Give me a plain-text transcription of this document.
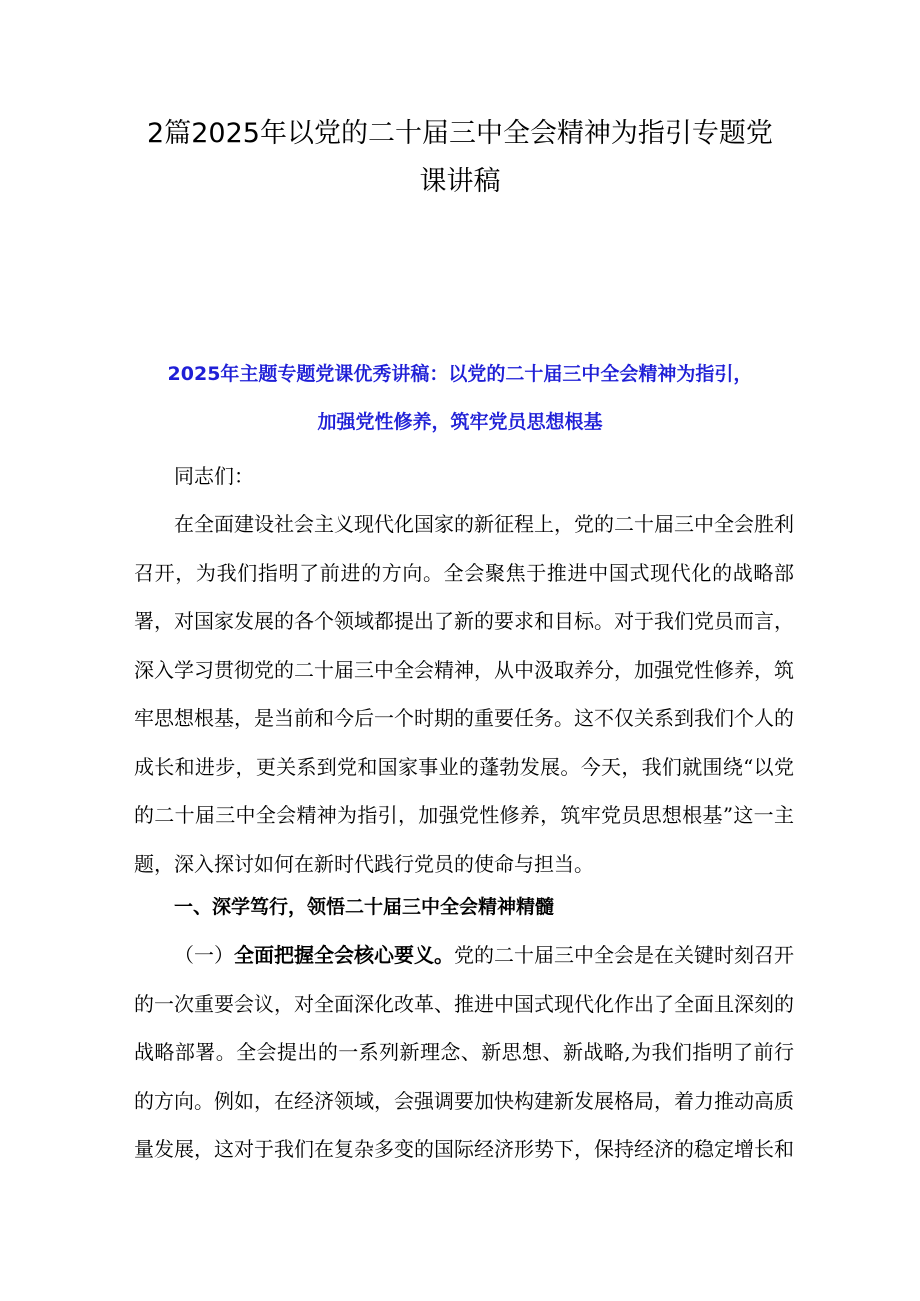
2篇2025年以党的二十届三中全会精神为指引专题党
课讲稿

2025年主题专题党课优秀讲稿：以党的二十届三中全会精神为指引，

加强党性修养，筑牢党员思想根基

同志们：

在全面建设社会主义现代化国家的新征程上，党的二十届三中全会胜利召开，为我们指明了前进的方向。全会聚焦于推进中国式现代化的战略部署，对国家发展的各个领域都提出了新的要求和目标。对于我们党员而言，深入学习贯彻党的二十届三中全会精神，从中汲取养分，加强党性修养，筑牢思想根基，是当前和今后一个时期的重要任务。这不仅关系到我们个人的成长和进步，更关系到党和国家事业的蓬勃发展。今天，我们就围绕“以党的二十届三中全会精神为指引，加强党性修养，筑牢党员思想根基”这一主题，深入探讨如何在新时代践行党员的使命与担当。

一、深学笃行，领悟二十届三中全会精神精髓

（一）全面把握全会核心要义。党的二十届三中全会是在关键时刻召开的一次重要会议，对全面深化改革、推进中国式现代化作出了全面且深刻的战略部署。全会提出的一系列新理念、新思想、新战略,为我们指明了前行的方向。例如，在经济领域，会强调要加快构建新发展格局，着力推动高质量发展，这对于我们在复杂多变的国际经济形势下，保持经济的稳定增长和
